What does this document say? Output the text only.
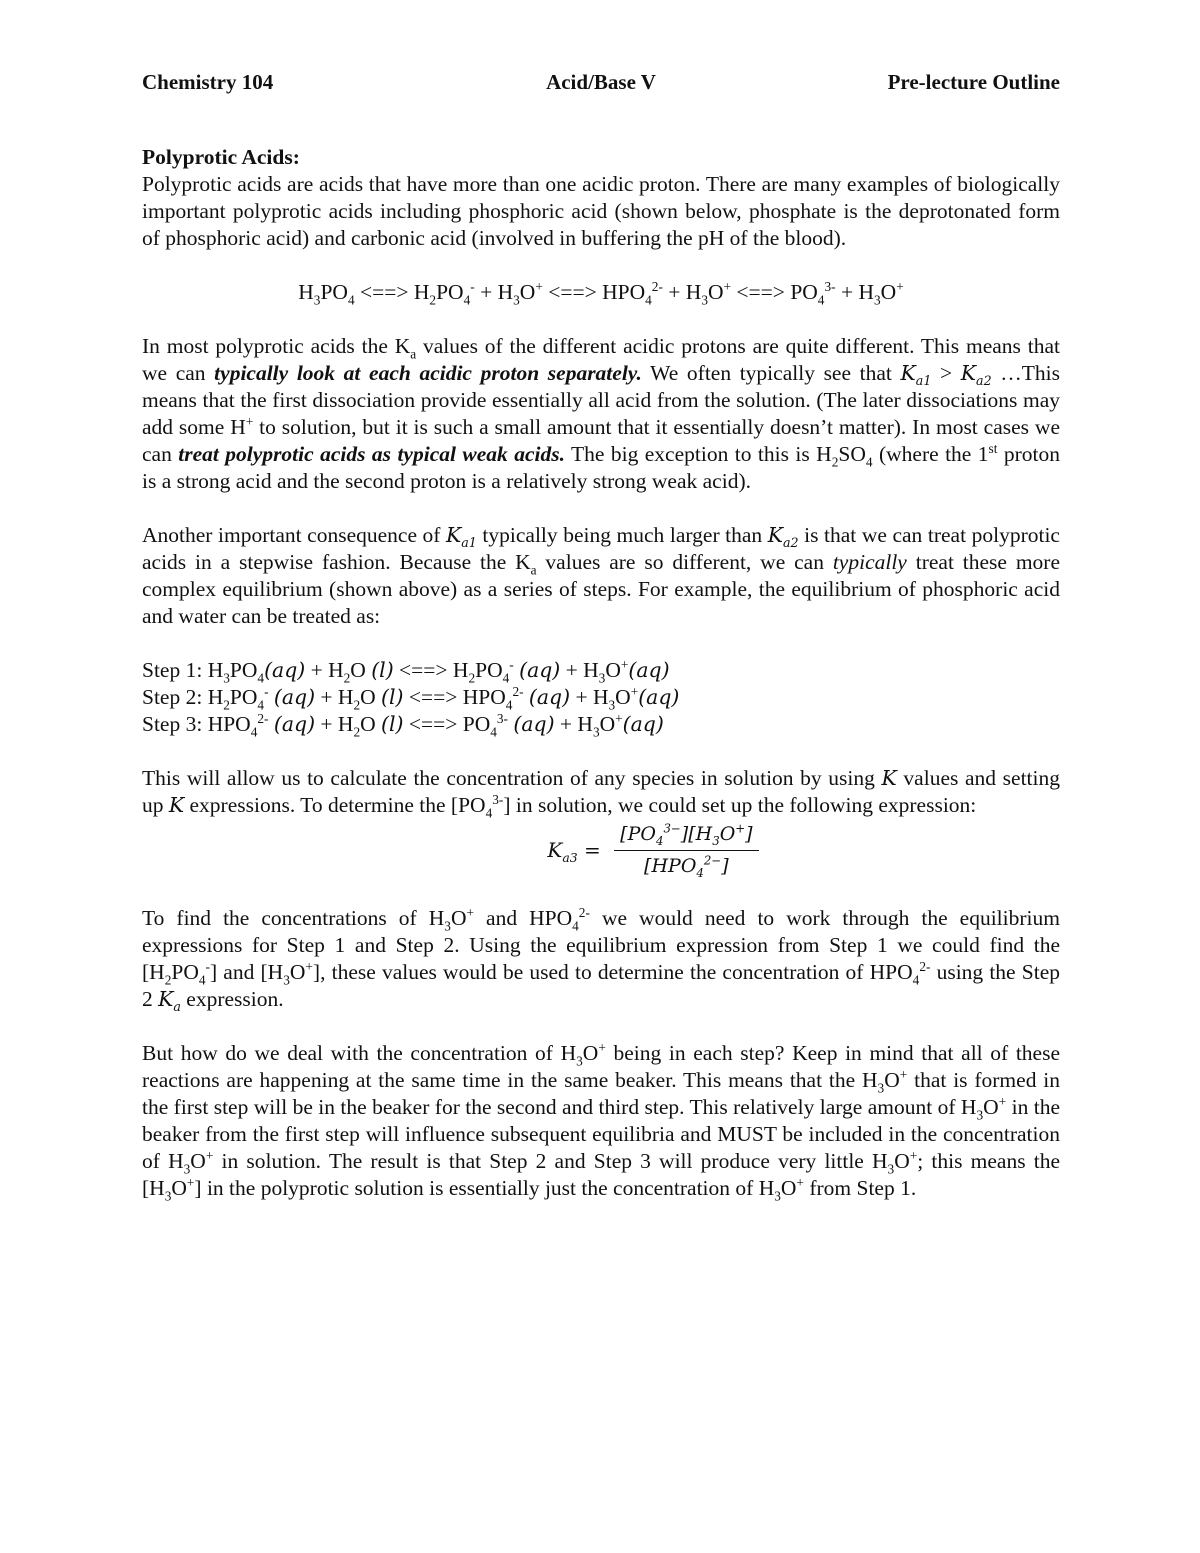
Chemistry 104	Acid/Base V	Pre-lecture Outline

Polyprotic Acids:

Polyprotic acids are acids that have more than one acidic proton. There are many examples of biologically important polyprotic acids including phosphoric acid (shown below, phosphate is the deprotonated form of phosphoric acid) and carbonic acid (involved in buffering the pH of the blood).

$H_3PO_4$ <==> $H_2PO_4^- + H_3O^+$ <==> $HPO_4^{2-} + H_3O^+$ <==> $PO_4^{3-} + H_3O^+$

In most polyprotic acids the $K_a$ values of the different acidic protons are quite different. This means that we can typically look at each acidic proton separately. We often typically see that $K_{a1} > K_{a2}$ …This means that the first dissociation provide essentially all acid from the solution. (The later dissociations may add some H+ to solution, but it is such a small amount that it essentially doesn’t matter). In most cases we can treat polyprotic acids as typical weak acids. The big exception to this is $H_2SO_4$ (where the 1st proton is a strong acid and the second proton is a relatively strong weak acid).

Another important consequence of $K_{a1}$ typically being much larger than $K_{a2}$ is that we can treat polyprotic acids in a stepwise fashion. Because the $K_a$ values are so different, we can typically treat these more complex equilibrium (shown above) as a series of steps. For example, the equilibrium of phosphoric acid and water can be treated as:

Step 1: $H_3PO_4(aq) + H_2O$ (l) <==> $H_2PO_4^-$ $(aq) + H_3O^+(aq)$

Step 2: $H_2PO_4^-$ $(aq) + H_2O$ (l) <==> $HPO_4^{2-}$ $(aq) + H_3O^+(aq)$

Step 3: $HPO_4^{2-}$ $(aq) + H_2O$ (l) <==> $PO_4^{3-}$ $(aq) + H_3O^+(aq)$

This will allow us to calculate the concentration of any species in solution by using K values and setting up K expressions. To determine the $[PO_4^{3-}]$ in solution, we could set up the following expression:

$K_{a3} = \frac{[PO_4^{3-}][H_3O^+]}{[HPO_4^{2-}]}$

To find the concentrations of $H_3O^+$ and $HPO_4^{2-}$ we would need to work through the equilibrium expressions for Step 1 and Step 2. Using the equilibrium expression from Step 1 we could find the $[H_2PO_4^-]$ and $[H_3O^+]$, these values would be used to determine the concentration of $HPO_4^{2-}$ using the Step 2 $K_a$ expression.

But how do we deal with the concentration of $H_3O^+$ being in each step? Keep in mind that all of these reactions are happening at the same time in the same beaker. This means that the $H_3O^+$ that is formed in the first step will be in the beaker for the second and third step. This relatively large amount of $H_3O^+$ in the beaker from the first step will influence subsequent equilibria and MUST be included in the concentration of $H_3O^+$ in solution. The result is that Step 2 and Step 3 will produce very little $H_3O^+$; this means the $[H_3O^+]$ in the polyprotic solution is essentially just the concentration of $H_3O^+$ from Step 1.
